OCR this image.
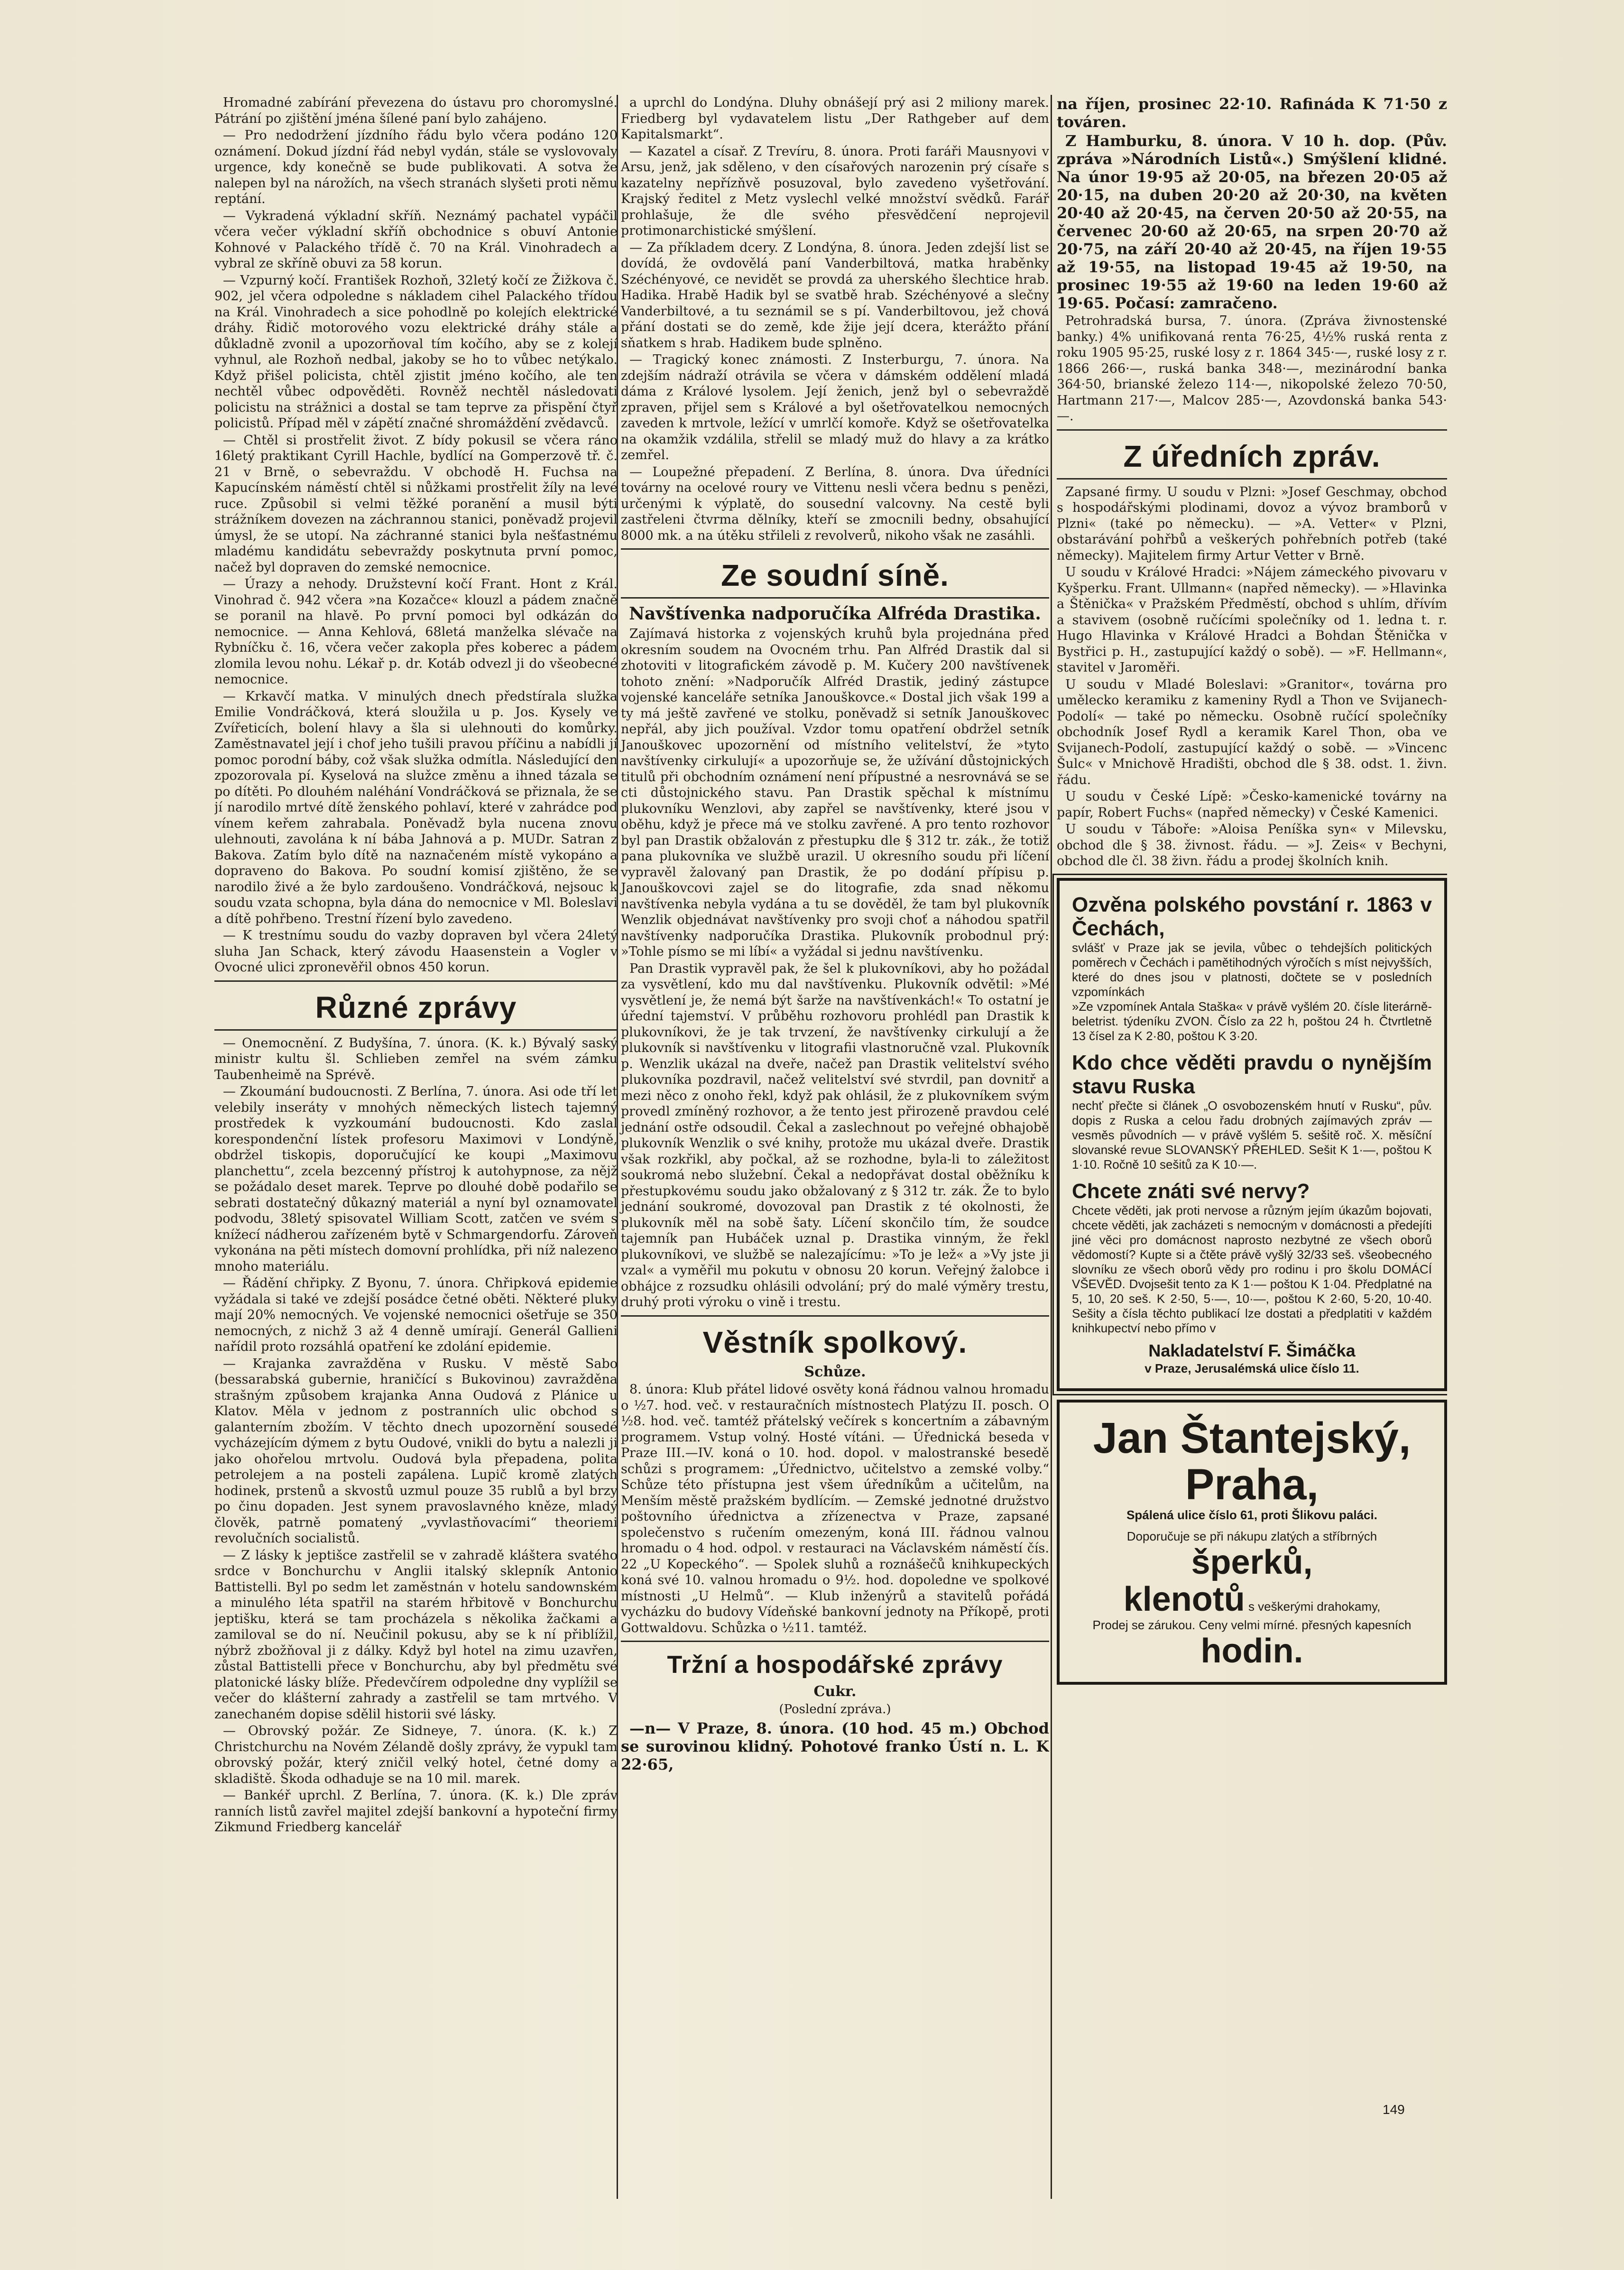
Hromadné zabírání převezena do ústavu pro choromyslné. Pátrání po zjištění jména šílené paní bylo zahájeno.

— Pro nedodržení jízdního řádu bylo včera podáno 120 oznámení. Dokud jízdní řád nebyl vydán, stále se vyslovovaly urgence, kdy konečně se bude publikovati. A sotva že nalepen byl na nárožích, na všech stranách slyšeti proti němu reptání.

— Vykradená výkladní skříň. Neznámý pachatel vypáčil včera večer výkladní skříň obchodnice s obuví Antonie Kohnové v Palackého třídě č. 70 na Král. Vinohradech a vybral ze skříně obuvi za 58 korun.

— Vzpurný kočí. František Rozhoň, 32letý kočí ze Žižkova č. 902, jel včera odpoledne s nákladem cihel Palackého třídou na Král. Vinohradech a sice pohodlně po kolejích elektrické dráhy. Řidič motorového vozu elektrické dráhy stále a důkladně zvonil a upozorňoval tím kočího, aby se z kolejí vyhnul, ale Rozhoň nedbal, jakoby se ho to vůbec netýkalo. Když přišel policista, chtěl zjistit jméno kočího, ale ten nechtěl vůbec odpověděti. Rovněž nechtěl následovati policistu na strážnici a dostal se tam teprve za přispění čtyř policistů. Případ měl v zápětí značné shromáždění zvědavců.

— Chtěl si prostřelit život. Z bídy pokusil se včera ráno 16letý praktikant Cyrill Hachle, bydlící na Gomperzově tř. č. 21 v Brně, o sebevraždu. V obchodě H. Fuchsa na Kapucínském náměstí chtěl si nůžkami prostřelit žíly na levé ruce. Způsobil si velmi těžké poranění a musil býti strážníkem dovezen na záchrannou stanici, poněvadž projevil úmysl, že se utopí. Na záchranné stanici byla nešťastnému mladému kandidátu sebevraždy poskytnuta první pomoc, načež byl dopraven do zemské nemocnice.

— Úrazy a nehody. Družstevní kočí Frant. Hont z Král. Vinohrad č. 942 včera »na Kozačce« klouzl a pádem značně se poranil na hlavě. Po první pomoci byl odkázán do nemocnice. — Anna Kehlová, 68letá manželka slévače na Rybníčku č. 16, včera večer zakopla přes koberec a pádem zlomila levou nohu. Lékař p. dr. Kotáb odvezl ji do všeobecné nemocnice.

— Krkavčí matka. V minulých dnech předstírala služka Emilie Vondráčková, která sloužila u p. Jos. Kysely ve Zvířeticích, bolení hlavy a šla si ulehnouti do komůrky. Zaměstnavatel její i chof jeho tušili pravou příčinu a nabídli jí pomoc porodní báby, což však služka odmítla. Následující den zpozorovala pí. Kyselová na služce změnu a ihned tázala se po dítěti. Po dlouhém naléhání Vondráčková se přiznala, že se jí narodilo mrtvé dítě ženského pohlaví, které v zahrádce pod vínem keřem zahrabala. Poněvadž byla nucena znovu ulehnouti, zavolána k ní bába Jahnová a p. MUDr. Satran z Bakova. Zatím bylo dítě na naznačeném místě vykopáno a dopraveno do Bakova. Po soudní komisí zjištěno, že se narodilo živé a že bylo zardoušeno. Vondráčková, nejsouc k soudu vzata schopna, byla dána do nemocnice v Ml. Boleslavi a dítě pohřbeno. Trestní řízení bylo zavedeno.

— K trestnímu soudu do vazby dopraven byl včera 24letý sluha Jan Schack, který závodu Haasenstein a Vogler v Ovocné ulici zpronevěřil obnos 450 korun.

Různé zprávy

— Onemocnění. Z Budyšína, 7. února. (K. k.) Bývalý saský ministr kultu šl. Schlieben zemřel na svém zámku Taubenheimě na Sprévě.

— Zkoumání budoucnosti. Z Berlína, 7. února. Asi ode tří let velebily inseráty v mnohých německých listech tajemný prostředek k vyzkoumání budoucnosti. Kdo zaslal korespondenční lístek profesoru Maximovi v Londýně, obdržel tiskopis, doporučující ke koupi „Maximovu planchettu“, zcela bezcenný přístroj k autohypnose, za nějž se požádalo deset marek. Teprve po dlouhé době podařilo se sebrati dostatečný důkazný materiál a nyní byl oznamovatel podvodu, 38letý spisovatel William Scott, zatčen ve svém s knížecí nádherou zařízeném bytě v Schmargendorfu. Zároveň vykonána na pěti místech domovní prohlídka, při níž nalezeno mnoho materiálu.

— Řádění chřipky. Z Byonu, 7. února. Chřipková epidemie vyžádala si také ve zdejší posádce četné oběti. Některé pluky mají 20% nemocných. Ve vojenské nemocnici ošetřuje se 350 nemocných, z nichž 3 až 4 denně umírají. Generál Gallieni nařídil proto rozsáhlá opatření ke zdolání epidemie.

— Krajanka zavražděna v Rusku. V městě Sabo (bessarabská gubernie, hraničící s Bukovinou) zavražděna strašným způsobem krajanka Anna Oudová z Plánice u Klatov. Měla v jednom z postranních ulic obchod s galanterním zbožím. V těchto dnech upozornění sousedé vycházejícím dýmem z bytu Oudové, vnikli do bytu a nalezli ji jako ohořelou mrtvolu. Oudová byla přepadena, polita petrolejem a na posteli zapálena. Lupič kromě zlatých hodinek, prstenů a skvostů uzmul pouze 35 rublů a byl brzy po činu dopaden. Jest synem pravoslavného kněze, mladý člověk, patrně pomatený „vyvlastňovacími“ theoriemi revolučních socialistů.

— Z lásky k jeptišce zastřelil se v zahradě kláštera svatého srdce v Bonchurchu v Anglii italský sklepník Antonio Battistelli. Byl po sedm let zaměstnán v hotelu sandownském a minulého léta spatřil na starém hřbitově v Bonchurchu jeptišku, která se tam procházela s několika žačkami a zamiloval se do ní. Neučinil pokusu, aby se k ní přiblížil, nýbrž zbožňoval ji z dálky. Když byl hotel na zimu uzavřen, zůstal Battistelli přece v Bonchurchu, aby byl předmětu své platonické lásky blíže. Předevčírem odpoledne dny vyplížil se večer do klášterní zahrady a zastřelil se tam mrtvého. V zanechaném dopise sdělil historii své lásky.

— Obrovský požár. Ze Sidneye, 7. února. (K. k.) Z Christchurchu na Novém Zélandě došly zprávy, že vypukl tam obrovský požár, který zničil velký hotel, četné domy a skladiště. Škoda odhaduje se na 10 mil. marek.

— Bankéř uprchl. Z Berlína, 7. února. (K. k.) Dle zpráv ranních listů zavřel majitel zdejší bankovní a hypoteční firmy Zikmund Friedberg kancelář

a uprchl do Londýna. Dluhy obnášejí prý asi 2 miliony marek. Friedberg byl vydavatelem listu „Der Rathgeber auf dem Kapitalsmarkt“.

— Kazatel a císař. Z Trevíru, 8. února. Proti faráři Mausnyovi v Arsu, jenž, jak sděleno, v den císařových narozenin prý císaře s kazatelny nepřízňvě posuzoval, bylo zavedeno vyšetřování. Krajský ředitel z Metz vyslechl velké množství svědků. Farář prohlašuje, že dle svého přesvědčení neprojevil protimonarchistické smýšlení.

— Za příkladem dcery. Z Londýna, 8. února. Jeden zdejší list se dovídá, že ovdovělá paní Vanderbiltová, matka hraběnky Széchényové, ce nevidět se provdá za uherského šlechtice hrab. Hadika. Hrabě Hadik byl se svatbě hrab. Széchényové a slečny Vanderbiltové, a tu seznámil se s pí. Vanderbiltovou, jež chová přání dostati se do země, kde žije její dcera, kterážto přání sňatkem s hrab. Hadikem bude splněno.

— Tragický konec známosti. Z Insterburgu, 7. února. Na zdejším nádraží otrávila se včera v dámském oddělení mladá dáma z Králové lysolem. Její ženich, jenž byl o sebevraždě zpraven, přijel sem s Králové a byl ošetřovatelkou nemocných zaveden k mrtvole, ležící v umrlčí komoře. Když se ošetřovatelka na okamžik vzdálila, střelil se mladý muž do hlavy a za krátko zemřel.

— Loupežné přepadení. Z Berlína, 8. února. Dva úředníci továrny na ocelové roury ve Vittenu nesli včera bednu s penězi, určenými k výplatě, do sousední valcovny. Na cestě byli zastřeleni čtvrma dělníky, kteří se zmocnili bedny, obsahující 8000 mk. a na útěku střileli z revolverů, nikoho však ne zasáhli.

Ze soudní síně.
Navštívenka nadporučíka Alfréda Drastika.

Zajímavá historka z vojenských kruhů byla projednána před okresním soudem na Ovocném trhu. Pan Alfréd Drastik dal si zhotoviti v litografickém závodě p. M. Kučery 200 navštívenek tohoto znění: »Nadporučík Alfréd Drastik, jediný zástupce vojenské kanceláře setníka Janouškovce.« Dostal jich však 199 a ty má ještě zavřené ve stolku, poněvadž si setník Janouškovec nepřál, aby jich používal. Vzdor tomu opatření obdržel setník Janouškovec upozornění od místního velitelství, že »tyto navštívenky cirkulují« a upozorňuje se, že užívání důstojnických titulů při obchodním oznámení není přípustné a nesrovnává se se cti důstojnického stavu. Pan Drastik spěchal k místnímu plukovníku Wenzlovi, aby zapřel se navštívenky, které jsou v oběhu, když je přece má ve stolku zavřené. A pro tento rozhovor byl pan Drastik obžalován z přestupku dle § 312 tr. zák., že totiž pana plukovníka ve službě urazil. U okresního soudu při líčení vypravěl žalovaný pan Drastik, že po dodání přípisu p. Janouškovcovi zajel se do litografie, zda snad někomu navštívenka nebyla vydána a tu se dověděl, že tam byl plukovník Wenzlik objednávat navštívenky pro svoji choť a náhodou spatřil navštívenky nadporučíka Drastika. Plukovník probodnul prý: »Tohle písmo se mi líbí« a vyžádal si jednu navštívenku.

Pan Drastik vypravěl pak, že šel k plukovníkovi, aby ho požádal za vysvětlení, kdo mu dal navštívenku. Plukovník odvětil: »Mé vysvětlení je, že nemá být šarže na navštívenkách!« To ostatní je úřední tajemství. V průběhu rozhovoru prohlédl pan Drastik k plukovníkovi, že je tak trvzení, že navštívenky cirkulují a že plukovník si navštívenku v litografii vlastnoručně vzal. Plukovník p. Wenzlik ukázal na dveře, načež pan Drastik velitelství svého plukovníka pozdravil, načež velitelství své stvrdil, pan dovnitř a mezi něco z onoho řekl, když pak ohlásil, že z plukovníkem svým provedl zmíněný rozhovor, a že tento jest přirozeně pravdou celé jednání ostře odsoudil. Čekal a zaslechnout po veřejné obhajobě plukovník Wenzlik o své knihy, protože mu ukázal dveře. Drastik však rozkřikl, aby počkal, až se rozhodne, byla-li to záležitost soukromá nebo služební. Čekal a nedopřávat dostal oběžníku k přestupkovému soudu jako obžalovaný z § 312 tr. zák. Že to bylo jednání soukromé, dovozoval pan Drastik z té okolnosti, že plukovník měl na sobě šaty. Líčení skončilo tím, že soudce tajemník pan Hubáček uznal p. Drastika vinným, že řekl plukovníkovi, ve službě se nalezajícímu: »To je lež« a »Vy jste ji vzal« a vyměřil mu pokutu v obnosu 20 korun. Veřejný žalobce i obhájce z rozsudku ohlásili odvolání; prý do malé výměry trestu, druhý proti výroku o vině i trestu.

Věstník spolkový.
Schůze.

8. února: Klub přátel lidové osvěty koná řádnou valnou hromadu o ½7. hod. več. v restauračních místnostech Platýzu II. posch. O ½8. hod. več. tamtéž přátelský večírek s koncertním a zábavným programem. Vstup volný. Hosté vítáni. — Úřednická beseda v Praze III.—IV. koná o 10. hod. dopol. v malostranské besedě schůzi s programem: „Úřednictvo, učitelstvo a zemské volby.“ Schůze této přístupna jest všem úředníkům a učitelům, na Menším městě pražském bydlícím. — Zemské jednotné družstvo poštovního úřednictva a zřízenectva v Praze, zapsané společenstvo s ručením omezeným, koná III. řádnou valnou hromadu o 4 hod. odpol. v restauraci na Václavském náměstí čís. 22 „U Kopeckého“. — Spolek sluhů a roznášečů knihkupeckých koná své 10. valnou hromadu o 9½. hod. dopoledne ve spolkové místnosti „U Helmů“. — Klub inženýrů a stavitelů pořádá vycházku do budovy Vídeňské bankovní jednoty na Příkopě, proti Gottwaldovu. Schůzka o ½11. tamtéž.

Tržní a hospodářské zprávy
Cukr.
(Poslední zpráva.)

—n— V Praze, 8. února. (10 hod. 45 m.) Obchod se surovinou klidný. Pohotové franko Ústí n. L. K 22·65,

na říjen, prosinec 22·10. Rafináda K 71·50 z továren.

Z Hamburku, 8. února. V 10 h. dop. (Pův. zpráva »Národních Listů«.) Smýšlení klidné. Na únor 19·95 až 20·05, na březen 20·05 až 20·15, na duben 20·20 až 20·30, na květen 20·40 až 20·45, na červen 20·50 až 20·55, na červenec 20·60 až 20·65, na srpen 20·70 až 20·75, na září 20·40 až 20·45, na říjen 19·55 až 19·55, na listopad 19·45 až 19·50, na prosinec 19·55 až 19·60 na leden 19·60 až 19·65. Počasí: zamračeno.

Petrohradská bursa, 7. února. (Zpráva živnostenské banky.) 4% unifikovaná renta 76·25, 4½% ruská renta z roku 1905 95·25, ruské losy z r. 1864 345·—, ruské losy z r. 1866 266·—, ruská banka 348·—, mezinárodní banka 364·50, brianské železo 114·—, nikopolské železo 70·50, Hartmann 217·—, Malcov 285·—, Azovdonská banka 543·—.

Z úředních zpráv.

Zapsané firmy. U soudu v Plzni: »Josef Geschmay, obchod s hospodářskými plodinami, dovoz a vývoz bramborů v Plzni« (také po německu). — »A. Vetter« v Plzni, obstarávání pohřbů a veškerých pohřebních potřeb (také německy). Majitelem firmy Artur Vetter v Brně.

U soudu v Králové Hradci: »Nájem zámeckého pivovaru v Kyšperku. Frant. Ullmann« (napřed německy). — »Hlavinka a Štěnička« v Pražském Předměstí, obchod s uhlím, dřívím a stavivem (osobně ručícími společníky od 1. ledna t. r. Hugo Hlavinka v Králové Hradci a Bohdan Štěnička v Bystřici p. H., zastupující každý o sobě). — »F. Hellmann«, stavitel v Jaroměři.

U soudu v Mladé Boleslavi: »Granitor«, továrna pro umělecko keramiku z kameniny Rydl a Thon ve Svijanech-Podolí« — také po německu. Osobně ručící společníky obchodník Josef Rydl a keramik Karel Thon, oba ve Svijanech-Podolí, zastupující každý o sobě. — »Vincenc Šulc« v Mnichově Hradišti, obchod dle § 38. odst. 1. živn. řádu.

U soudu v České Lípě: »Česko-kamenické továrny na papír, Robert Fuchs« (napřed německy) v České Kamenici.

U soudu v Táboře: »Aloisa Peníška syn« v Milevsku, obchod dle § 38. živnost. řádu. — »J. Zeis« v Bechyni, obchod dle čl. 38 živn. řádu a prodej školních knih.

Ozvěna polského povstání r. 1863 v Čechách,
svlášť v Praze jak se jevila, vůbec o tehdejších politických poměrech v Čechách i pamětihodných výročích s míst nejvyšších, které do dnes jsou v platnosti, dočtete se v posledních vzpomínkách
»Ze vzpomínek Antala Staška« v právě vyšlém 20. čísle literárně-beletrist. týdeníku ZVON. Číslo za 22 h, poštou 24 h. Čtvrtletně 13 čísel za K 2·80, poštou K 3·20.
Kdo chce věděti pravdu o nynějším stavu Ruska
nechť přečte si článek „O osvobozenském hnutí v Rusku“, pův. dopis z Ruska a celou řadu drobných zajímavých zpráv — vesměs původních — v právě vyšlém 5. sešitě roč. X. měsíční slovanské revue SLOVANSKÝ PŘEHLED. Sešit K 1·—, poštou K 1·10. Ročně 10 sešitů za K 10·—.
Chcete znáti své nervy?
Chcete věděti, jak proti nervose a různým jejím úkazům bojovati, chcete věděti, jak zacházeti s nemocným v domácnosti a předejíti jiné věci pro domácnost naprosto nezbytné ze všech oborů vědomostí? Kupte si a čtěte právě vyšlý 32/33 seš. všeobecného slovníku ze všech oborů vědy pro rodinu i pro školu DOMÁCÍ VŠEVĚD. Dvojsešit tento za K 1·— poštou K 1·04. Předplatné na 5, 10, 20 seš. K 2·50, 5·—, 10·—, poštou K 2·60, 5·20, 10·40. Sešity a čísla těchto publikací lze dostati a předplatiti v každém knihkupectví nebo přímo v
Nakladatelství F. Šimáčka
v Praze, Jerusalémská ulice číslo 11.
Jan Štantejský, Praha,
Spálená ulice číslo 61, proti Šlikovu paláci.
Doporučuje se při nákupu zlatých a stříbrných
šperků,
klenotů s veškerými drahokamy,
Prodej se zárukou. Ceny velmi mírné. přesných kapesních hodin.
149
